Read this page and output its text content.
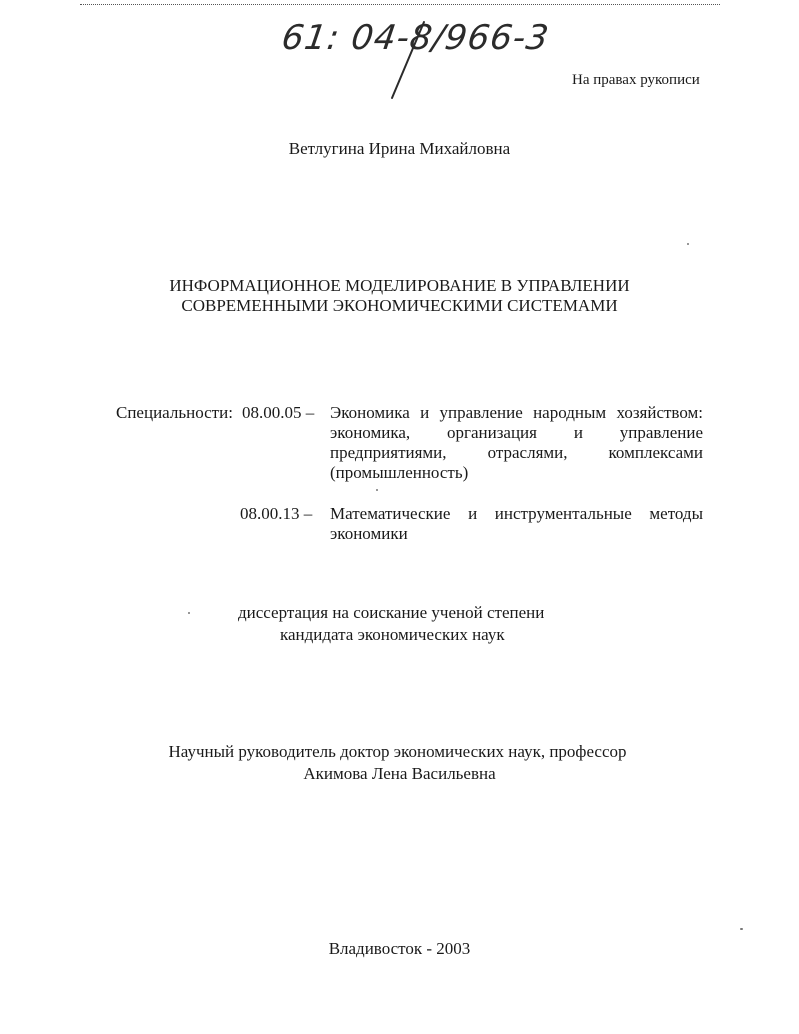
61: 04-8/966-3
На правах рукописи
Ветлугина Ирина Михайловна
ИНФОРМАЦИОННОЕ МОДЕЛИРОВАНИЕ В УПРАВЛЕНИИ
СОВРЕМЕННЫМИ ЭКОНОМИЧЕСКИМИ СИСТЕМАМИ
Специальности: 08.00.05 – Экономика и управление народным хозяйством:
экономика, организация и управление
предприятиями, отраслями, комплексами
(промышленность)
08.00.13 – Математические и инструментальные методы
экономики
диссертация на соискание ученой степени
кандидата экономических наук
Научный руководитель доктор экономических наук, профессор
Акимова Лена Васильевна
Владивосток - 2003
